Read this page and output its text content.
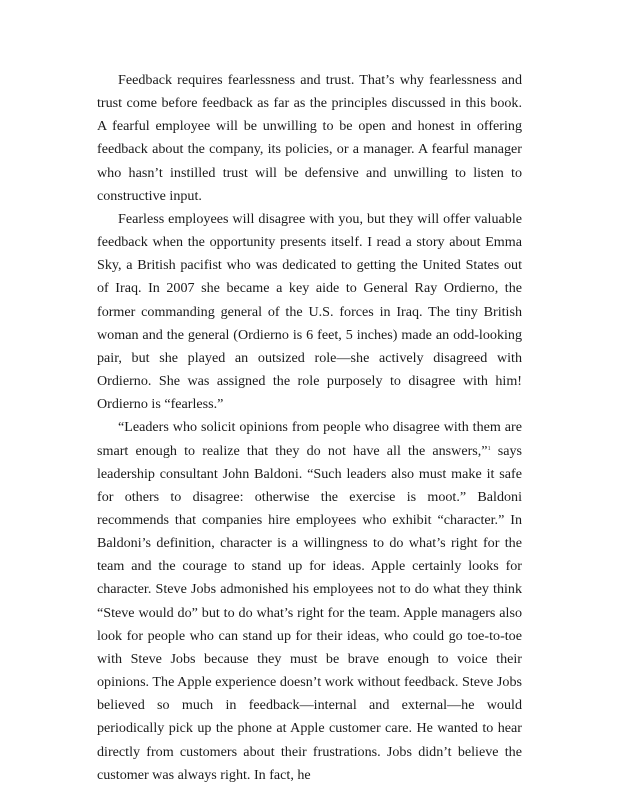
Feedback requires fearlessness and trust. That’s why fearlessness and trust come before feedback as far as the principles discussed in this book. A fearful employee will be unwilling to be open and honest in offering feedback about the company, its policies, or a manager. A fearful manager who hasn’t instilled trust will be defensive and unwilling to listen to constructive input.

Fearless employees will disagree with you, but they will offer valuable feedback when the opportunity presents itself. I read a story about Emma Sky, a British pacifist who was dedicated to getting the United States out of Iraq. In 2007 she became a key aide to General Ray Ordierno, the former commanding general of the U.S. forces in Iraq. The tiny British woman and the general (Ordierno is 6 feet, 5 inches) made an odd-looking pair, but she played an outsized role—she actively disagreed with Ordierno. She was assigned the role purposely to disagree with him! Ordierno is “fearless.”

“Leaders who solicit opinions from people who disagree with them are smart enough to realize that they do not have all the answers,”$^1$ says leadership consultant John Baldoni. “Such leaders also must make it safe for others to disagree: otherwise the exercise is moot.” Baldoni recommends that companies hire employees who exhibit “character.” In Baldoni’s definition, character is a willingness to do what’s right for the team and the courage to stand up for ideas. Apple certainly looks for character. Steve Jobs admonished his employees not to do what they think “Steve would do” but to do what’s right for the team. Apple managers also look for people who can stand up for their ideas, who could go toe-to-toe with Steve Jobs because they must be brave enough to voice their opinions. The Apple experience doesn’t work without feedback. Steve Jobs believed so much in feedback—internal and external—he would periodically pick up the phone at Apple customer care. He wanted to hear directly from customers about their frustrations. Jobs didn’t believe the customer was always right. In fact, he
